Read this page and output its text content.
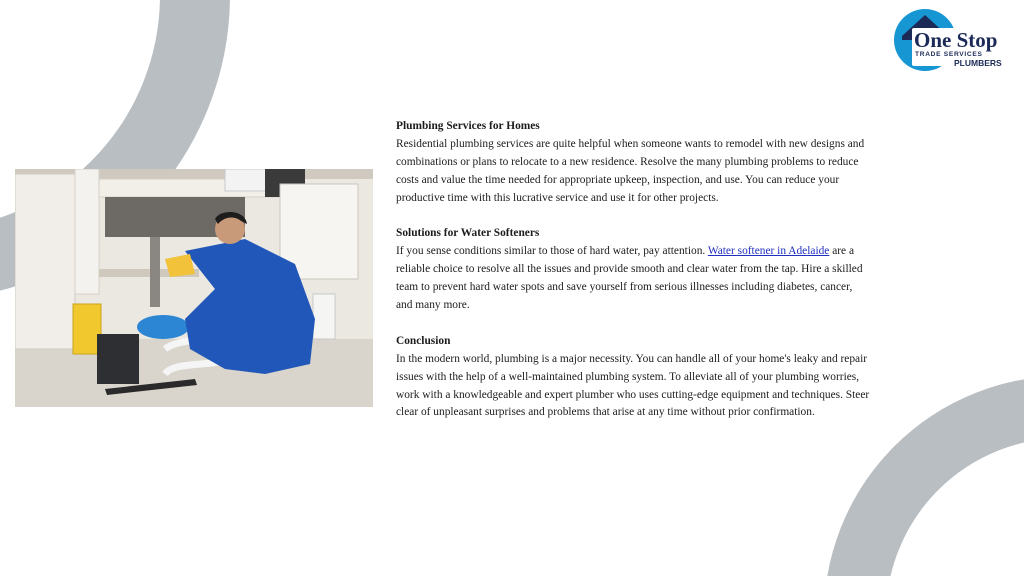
One Stop
TRADE SERVICES
PLUMBERS
Plumbing Services for Homes

Residential plumbing services are quite helpful when someone wants to remodel with new designs and combinations or plans to relocate to a new residence. Resolve the many plumbing problems to reduce costs and value the time needed for appropriate upkeep, inspection, and use. You can reduce your productive time with this lucrative service and use it for other projects.

Solutions for Water Softeners

If you sense conditions similar to those of hard water, pay attention. Water softener in Adelaide are a reliable choice to resolve all the issues and provide smooth and clear water from the tap. Hire a skilled team to prevent hard water spots and save yourself from serious illnesses including diabetes, cancer, and many more.

Conclusion

In the modern world, plumbing is a major necessity. You can handle all of your home's leaky and repair issues with the help of a well-maintained plumbing system. To alleviate all of your plumbing worries, work with a knowledgeable and expert plumber who uses cutting-edge equipment and techniques. Steer clear of unpleasant surprises and problems that arise at any time without prior confirmation.
